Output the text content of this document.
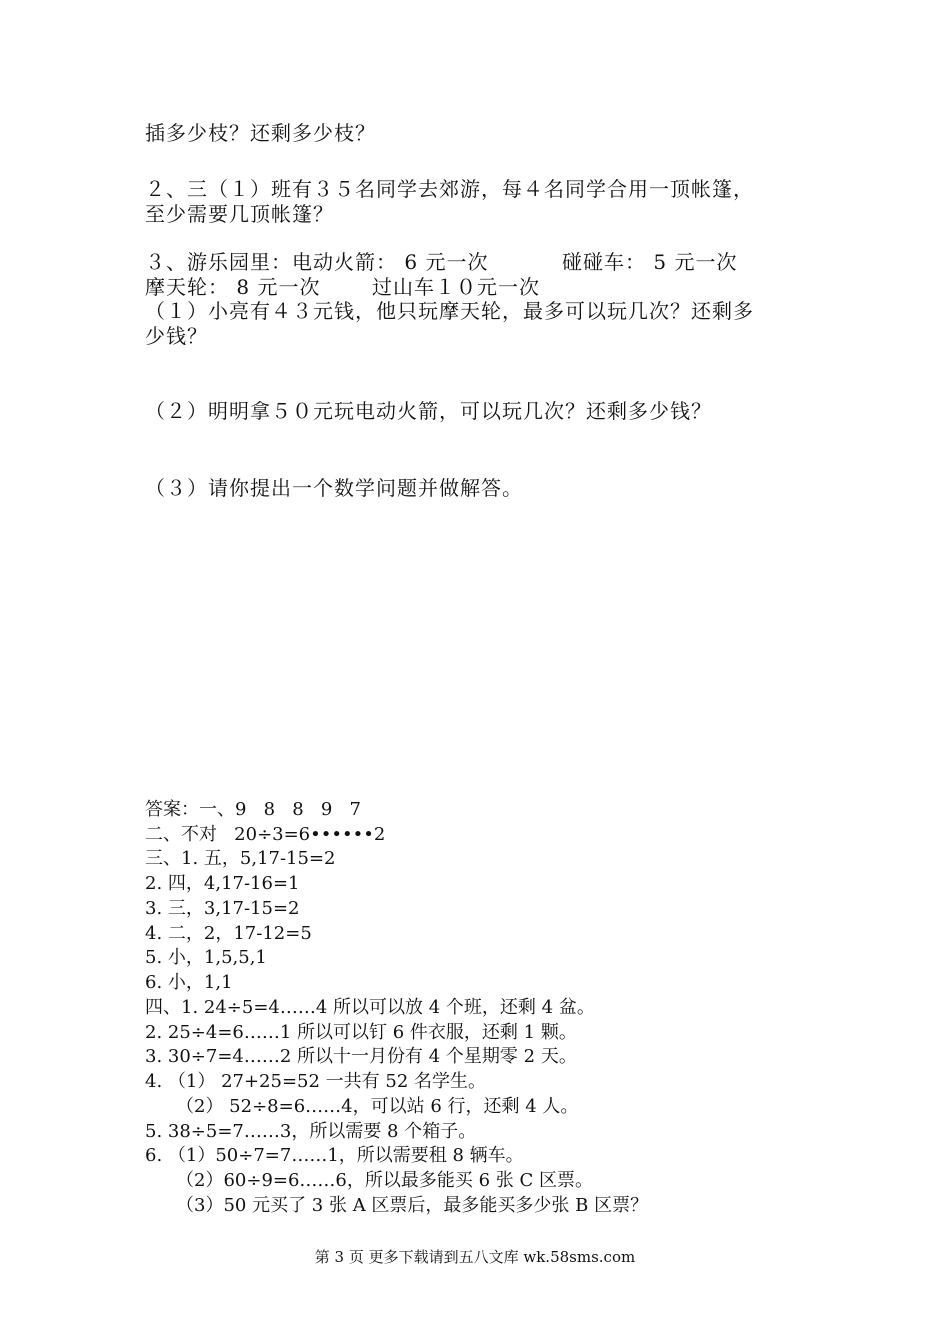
插多少枝？还剩多少枝？
２、三（１）班有３５名同学去郊游，每４名同学合用一顶帐篷，
至少需要几顶帐篷？
３、游乐园里：电动火箭： 6 元一次          碰碰车： 5 元一次
摩天轮： 8 元一次       过山车１０元一次
（１）小亮有４３元钱，他只玩摩天轮，最多可以玩几次？还剩多
少钱？
（２）明明拿５０元玩电动火箭，可以玩几次？还剩多少钱？
（３）请你提出一个数学问题并做解答。
答案：一、9   8   8   9   7
二、不对   20÷3=6••••••2
三、1. 五，5,17-15=2
2. 四，4,17-16=1
3. 三，3,17-15=2
4. 二，2，17-12=5
5. 小，1,5,5,1
6. 小，1,1
四、1. 24÷5=4……4 所以可以放 4 个班，还剩 4 盆。
2. 25÷4=6……1 所以可以钉 6 件衣服，还剩 1 颗。
3. 30÷7=4……2 所以十一月份有 4 个星期零 2 天。
4. （1） 27+25=52 一共有 52 名学生。
（2） 52÷8=6……4，可以站 6 行，还剩 4 人。
5. 38÷5=7……3，所以需要 8 个箱子。
6. （1）50÷7=7……1，所以需要租 8 辆车。
（2）60÷9=6……6，所以最多能买 6 张 C 区票。
（3）50 元买了 3 张 A 区票后，最多能买多少张 B 区票？
第 3 页 更多下载请到五八文库 wk.58sms.com
